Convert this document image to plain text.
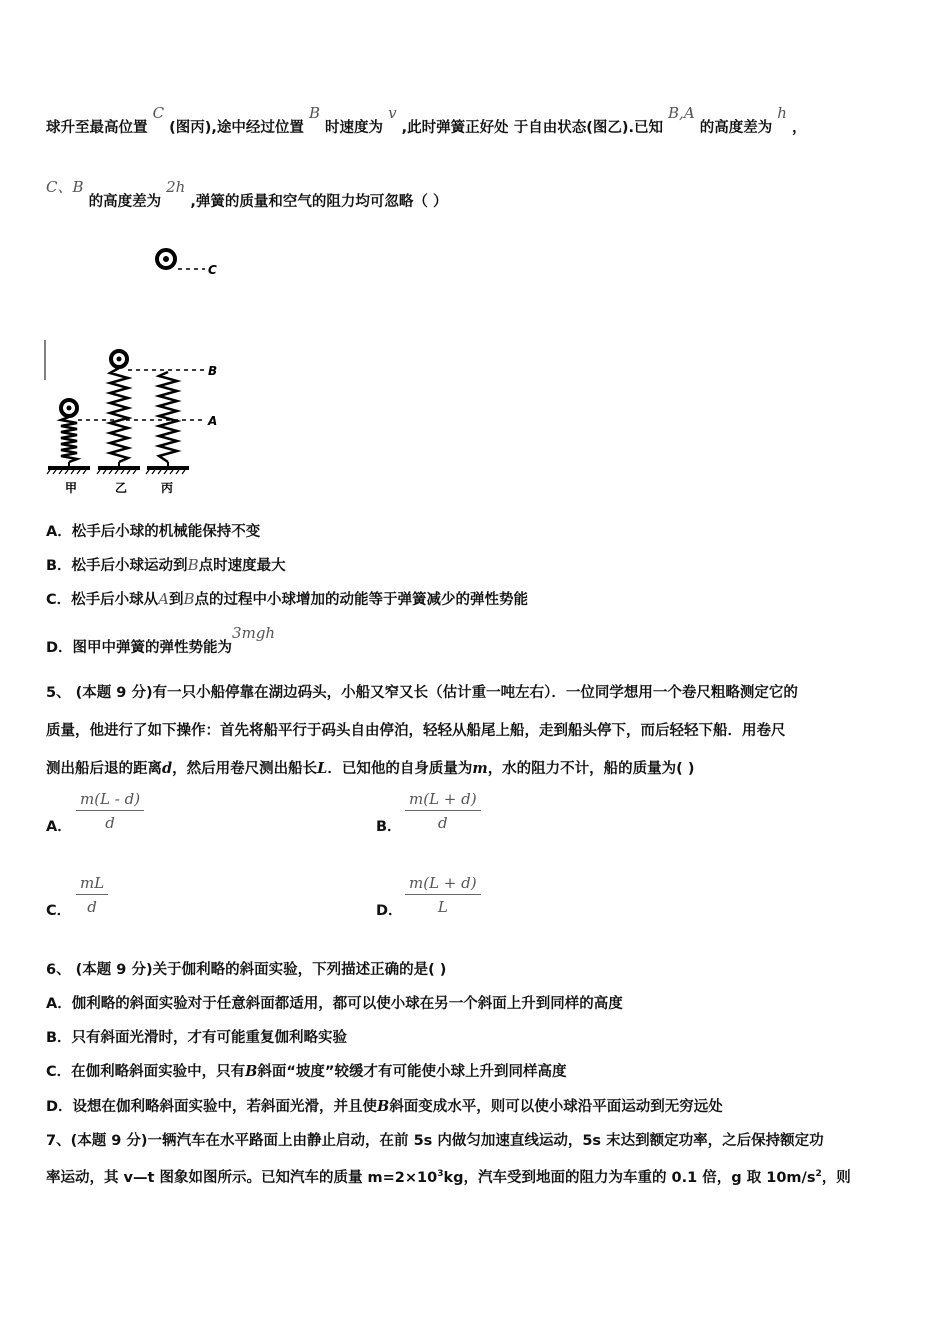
球升至最高位置 C (图丙),途中经过位置 B 时速度为 v ,此时弹簧正好处 于自由状态(图乙).已知 B,A 的高度差为 h ，
C、B 的高度差为 2h ,弹簧的质量和空气的阻力均可忽略（ ）
C
甲	乙	丙
B
A
A．松手后小球的机械能保持不变
B．松手后小球运动到B点时速度最大
C．松手后小球从A到B点的过程中小球增加的动能等于弹簧减少的弹性势能
D．图甲中弹簧的弹性势能为3mgh
5、 (本题 9 分)有一只小船停靠在湖边码头，小船又窄又长（估计重一吨左右）．一位同学想用一个卷尺粗略测定它的
质量，他进行了如下操作：首先将船平行于码头自由停泊，轻轻从船尾上船，走到船头停下，而后轻轻下船．用卷尺
测出船后退的距离d，然后用卷尺测出船长L．已知他的自身质量为m，水的阻力不计，船的质量为( )
A． $\frac{m(L - d)}{d}$	B． $\frac{m(L + d)}{d}$
C． $\frac{mL}{d}$	D． $\frac{m(L + d)}{L}$
6、 (本题 9 分)关于伽利略的斜面实验，下列描述正确的是( )
A．伽利略的斜面实验对于任意斜面都适用，都可以使小球在另一个斜面上升到同样的高度
B．只有斜面光滑时，才有可能重复伽利略实验
C．在伽利略斜面实验中，只有B斜面“坡度”较缓才有可能使小球上升到同样高度
D．设想在伽利略斜面实验中，若斜面光滑，并且使B斜面变成水平，则可以使小球沿平面运动到无穷远处
7、(本题 9 分)一辆汽车在水平路面上由静止启动，在前 5s 内做匀加速直线运动，5s 末达到额定功率，之后保持额定功
率运动，其 v—t 图象如图所示。已知汽车的质量 $m=2\times 10^3kg$，汽车受到地面的阻力为车重的 0.1 倍，g 取 $10m/s^2$，则
